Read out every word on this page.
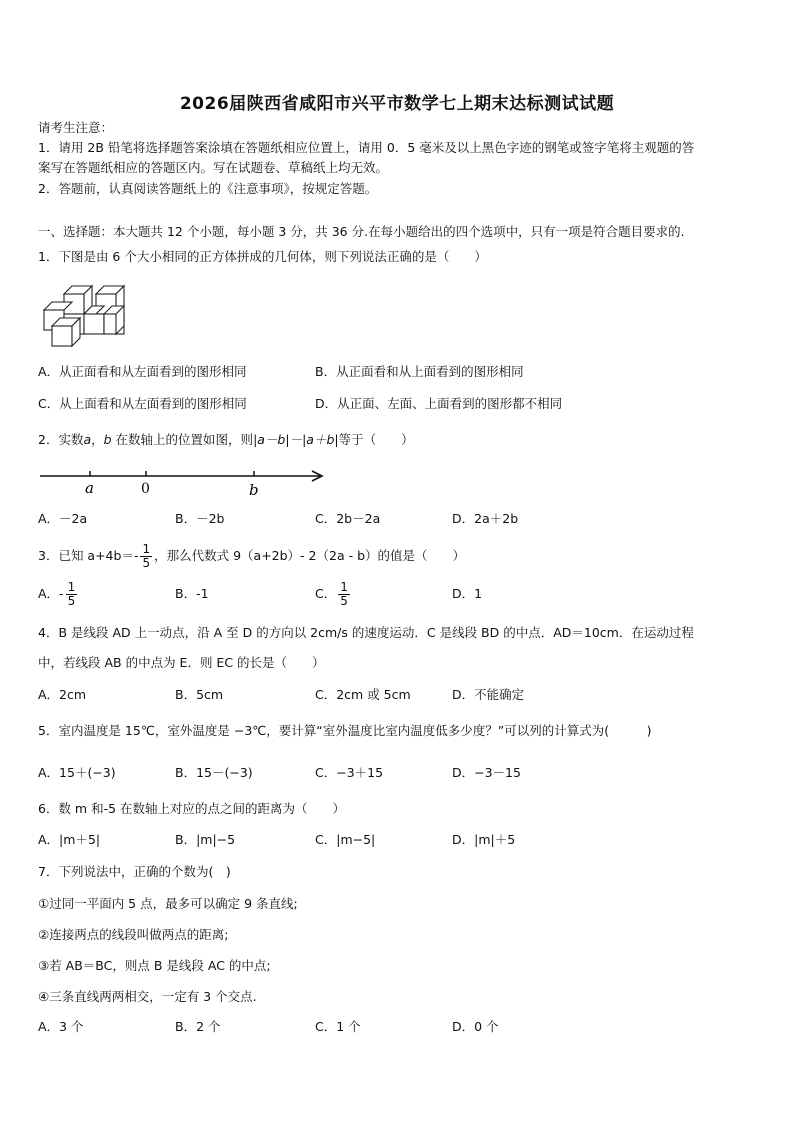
2026届陕西省咸阳市兴平市数学七上期末达标测试试题
请考生注意：
1．请用 2B 铅笔将选择题答案涂填在答题纸相应位置上，请用 0．5 毫米及以上黑色字迹的钢笔或签字笔将主观题的答
案写在答题纸相应的答题区内。写在试题卷、草稿纸上均无效。
2．答题前，认真阅读答题纸上的《注意事项》，按规定答题。
一、选择题：本大题共 12 个小题，每小题 3 分，共 36 分.在每小题给出的四个选项中，只有一项是符合题目要求的.
1．下图是由 6 个大小相同的正方体拼成的几何体，则下列说法正确的是（　　）
A．从正面看和从左面看到的图形相同	B．从正面看和从上面看到的图形相同
C．从上面看和从左面看到的图形相同	D．从正面、左面、上面看到的图形都不相同
2．实数a，b 在数轴上的位置如图，则|a－b|－|a＋b|等于（　　）
a	0	b
A．－2a	B．－2b	C．2b－2a	D．2a＋2b
3．已知 $a+4b=- \frac{1}{5}$ ，那么代数式 9（a+2b）- 2（2a - b）的值是（　　）
A．- $\frac{1}{5}$	B．-1	C． $\frac{1}{5}$	D．1
4．B 是线段 AD 上一动点，沿 A 至 D 的方向以 2cm/s 的速度运动．C 是线段 BD 的中点．AD＝10cm．在运动过程
中，若线段 AB 的中点为 E．则 EC 的长是（　　）
A．2cm	B．5cm	C．2cm 或 5cm	D．不能确定
5．室内温度是 15℃，室外温度是 −3℃，要计算“室外温度比室内温度低多少度？”可以列的计算式为(　　　)
A．15＋(−3)	B．15－(−3)	C．−3＋15	D．−3－15
6．数 m 和-5 在数轴上对应的点之间的距离为（　　）
A．|m＋5|	B．|m|−5	C．|m−5|	D．|m|＋5
7．下列说法中，正确的个数为(　)
①过同一平面内 5 点，最多可以确定 9 条直线;
②连接两点的线段叫做两点的距离;
③若 AB＝BC，则点 B 是线段 AC 的中点;
④三条直线两两相交，一定有 3 个交点.
A．3 个	B．2 个	C．1 个	D．0 个
